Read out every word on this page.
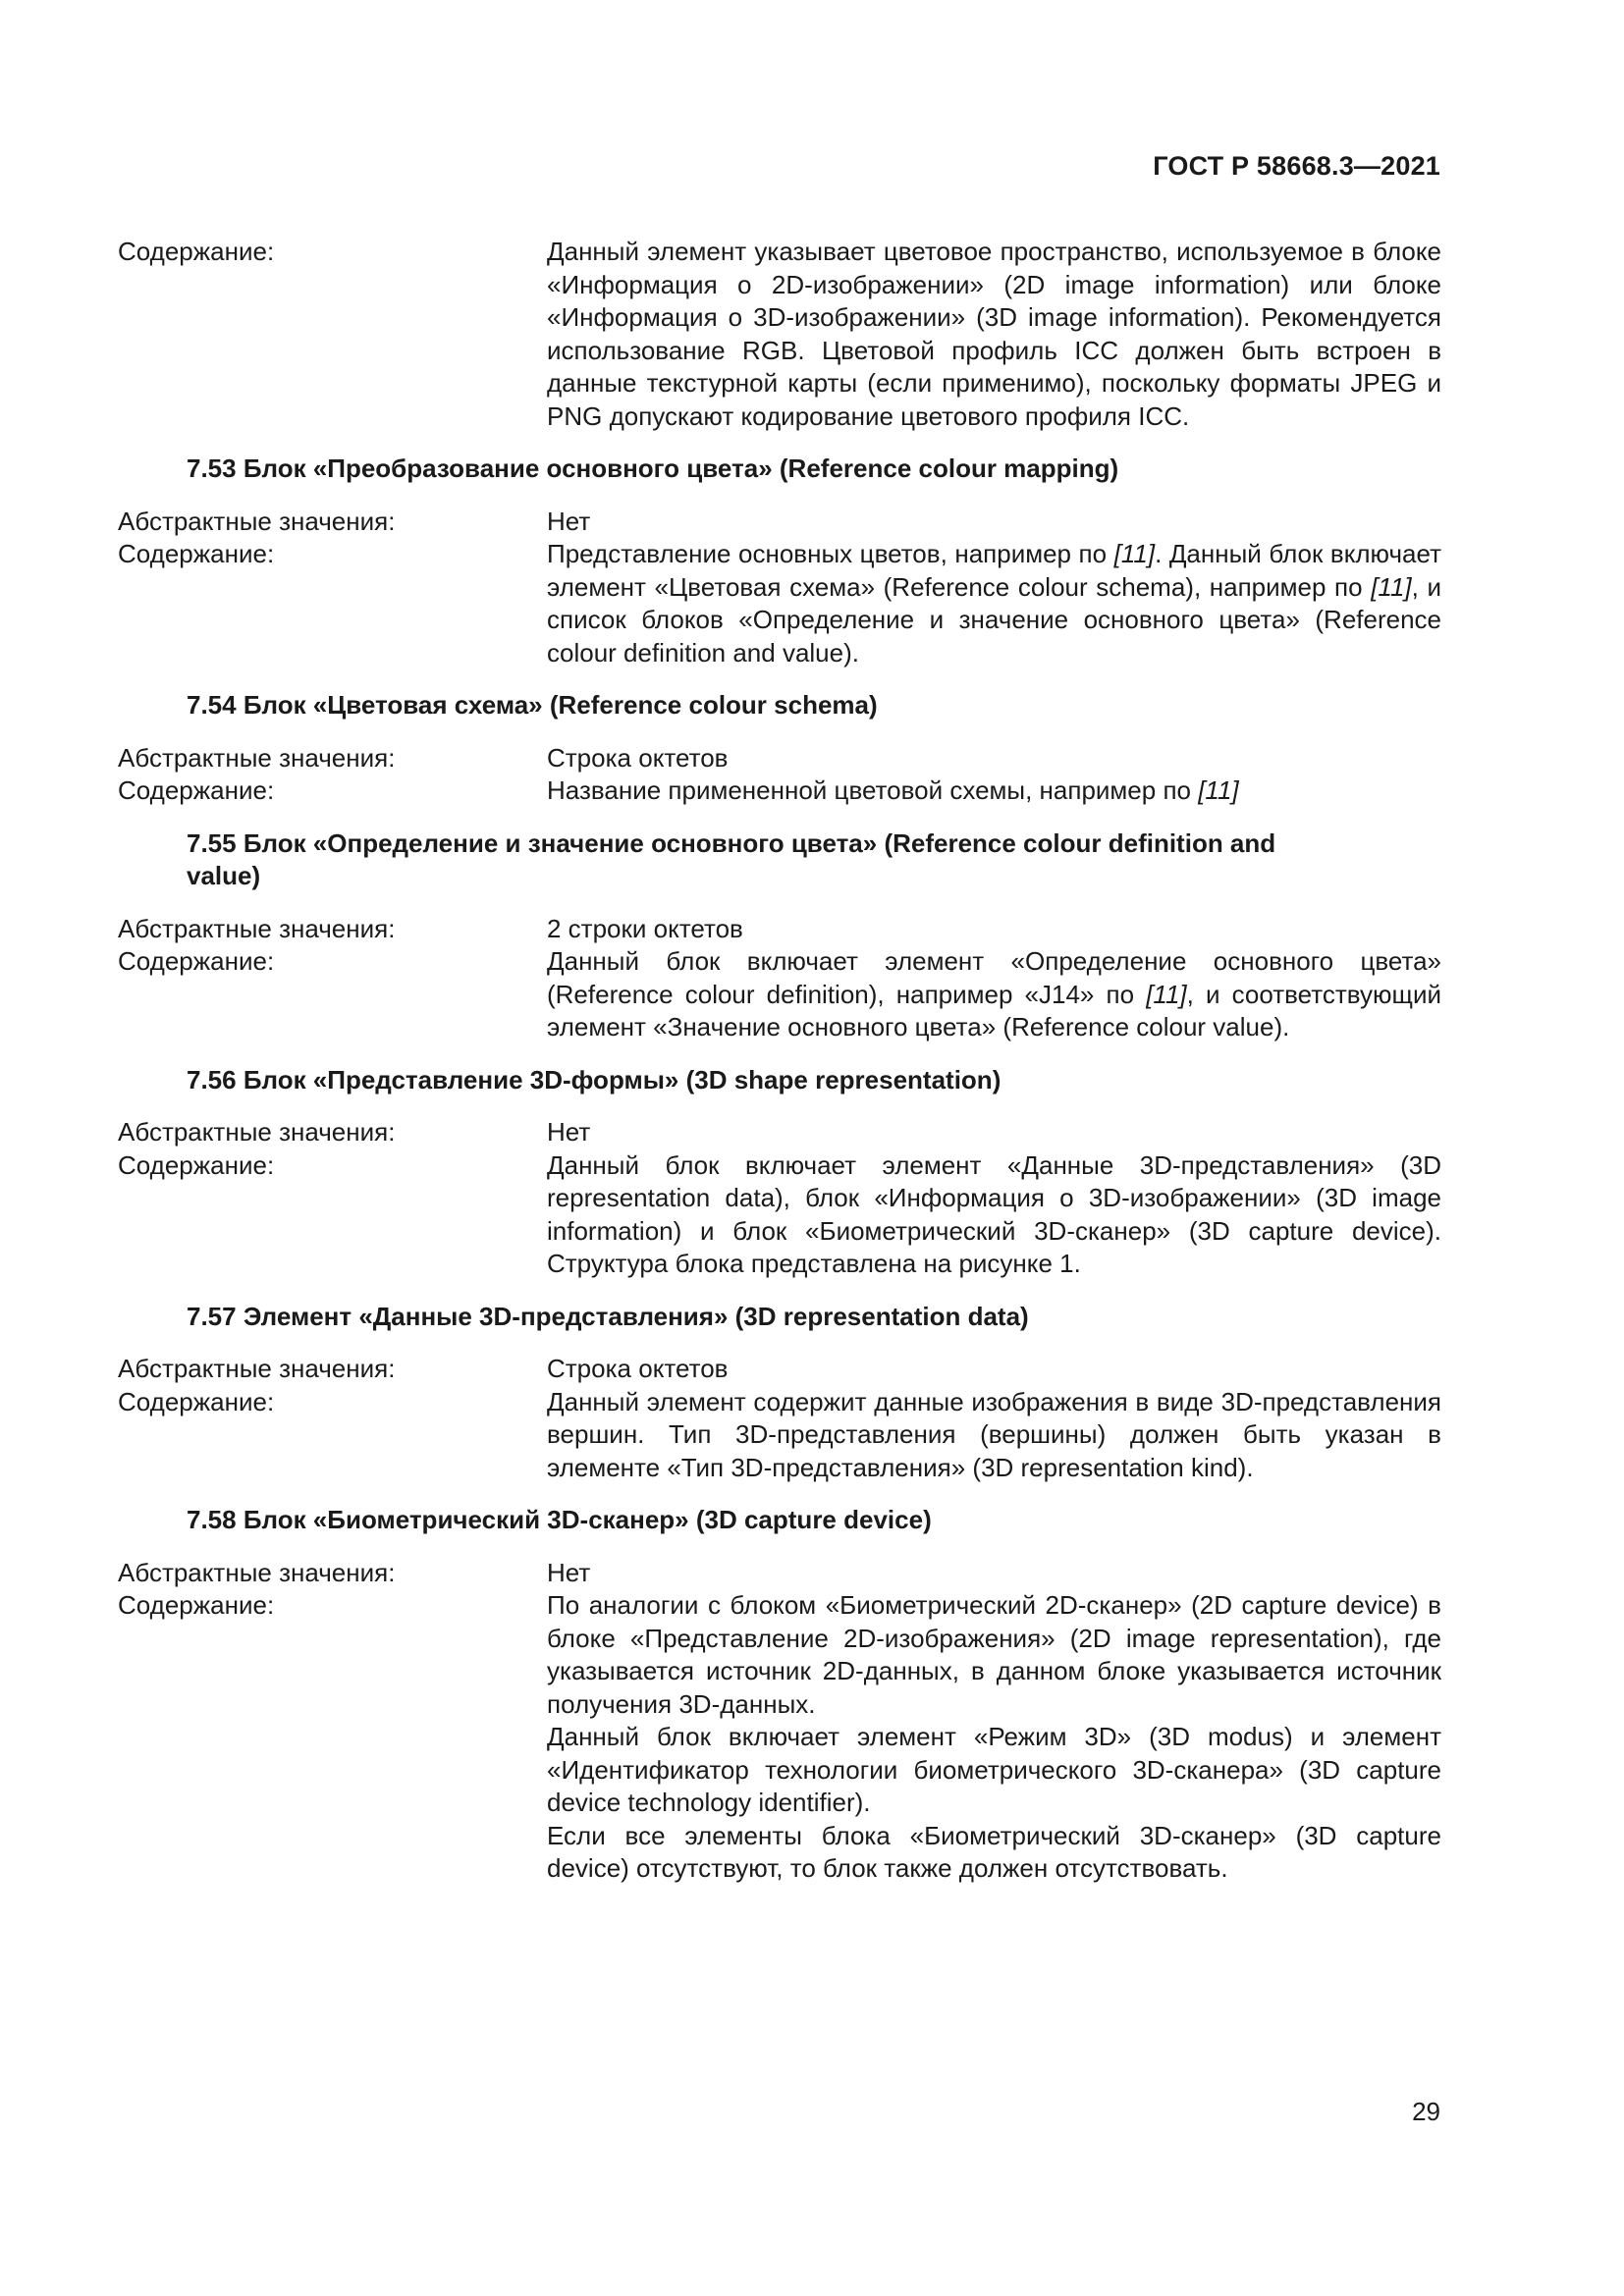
ГОСТ Р 58668.3—2021
Содержание:	Данный элемент указывает цветовое пространство, используемое в блоке «Информация о 2D-изображении» (2D image information) или блоке «Информация о 3D-изображении» (3D image information). Рекомендуется использование RGB. Цветовой профиль ICC должен быть встроен в данные текстурной карты (если применимо), поскольку форматы JPEG и PNG допускают кодирование цветового профиля ICC.
7.53 Блок «Преобразование основного цвета» (Reference colour mapping)
Абстрактные значения:	Нет
Содержание:	Представление основных цветов, например по [11]. Данный блок включает элемент «Цветовая схема» (Reference colour schema), например по [11], и список блоков «Определение и значение основного цвета» (Reference colour definition and value).
7.54 Блок «Цветовая схема» (Reference colour schema)
Абстрактные значения:	Строка октетов
Содержание:	Название примененной цветовой схемы, например по [11]
7.55 Блок «Определение и значение основного цвета» (Reference colour definition and value)
Абстрактные значения:	2 строки октетов
Содержание:	Данный блок включает элемент «Определение основного цвета» (Reference colour definition), например «J14» по [11], и соответствующий элемент «Значение основного цвета» (Reference colour value).
7.56 Блок «Представление 3D-формы» (3D shape representation)
Абстрактные значения:	Нет
Содержание:	Данный блок включает элемент «Данные 3D-представления» (3D representation data), блок «Информация о 3D-изображении» (3D image information) и блок «Биометрический 3D-сканер» (3D capture device). Структура блока представлена на рисунке 1.
7.57 Элемент «Данные 3D-представления» (3D representation data)
Абстрактные значения:	Строка октетов
Содержание:	Данный элемент содержит данные изображения в виде 3D-представления вершин. Тип 3D-представления (вершины) должен быть указан в элементе «Тип 3D-представления» (3D representation kind).
7.58 Блок «Биометрический 3D-сканер» (3D capture device)
Абстрактные значения:	Нет
Содержание:	По аналогии с блоком «Биометрический 2D-сканер» (2D capture device) в блоке «Представление 2D-изображения» (2D image representation), где указывается источник 2D-данных, в данном блоке указывается источник получения 3D-данных.

Данный блок включает элемент «Режим 3D» (3D modus) и элемент «Идентификатор технологии биометрического 3D-сканера» (3D capture device technology identifier).

Если все элементы блока «Биометрический 3D-сканер» (3D capture device) отсутствуют, то блок также должен отсутствовать.

29
